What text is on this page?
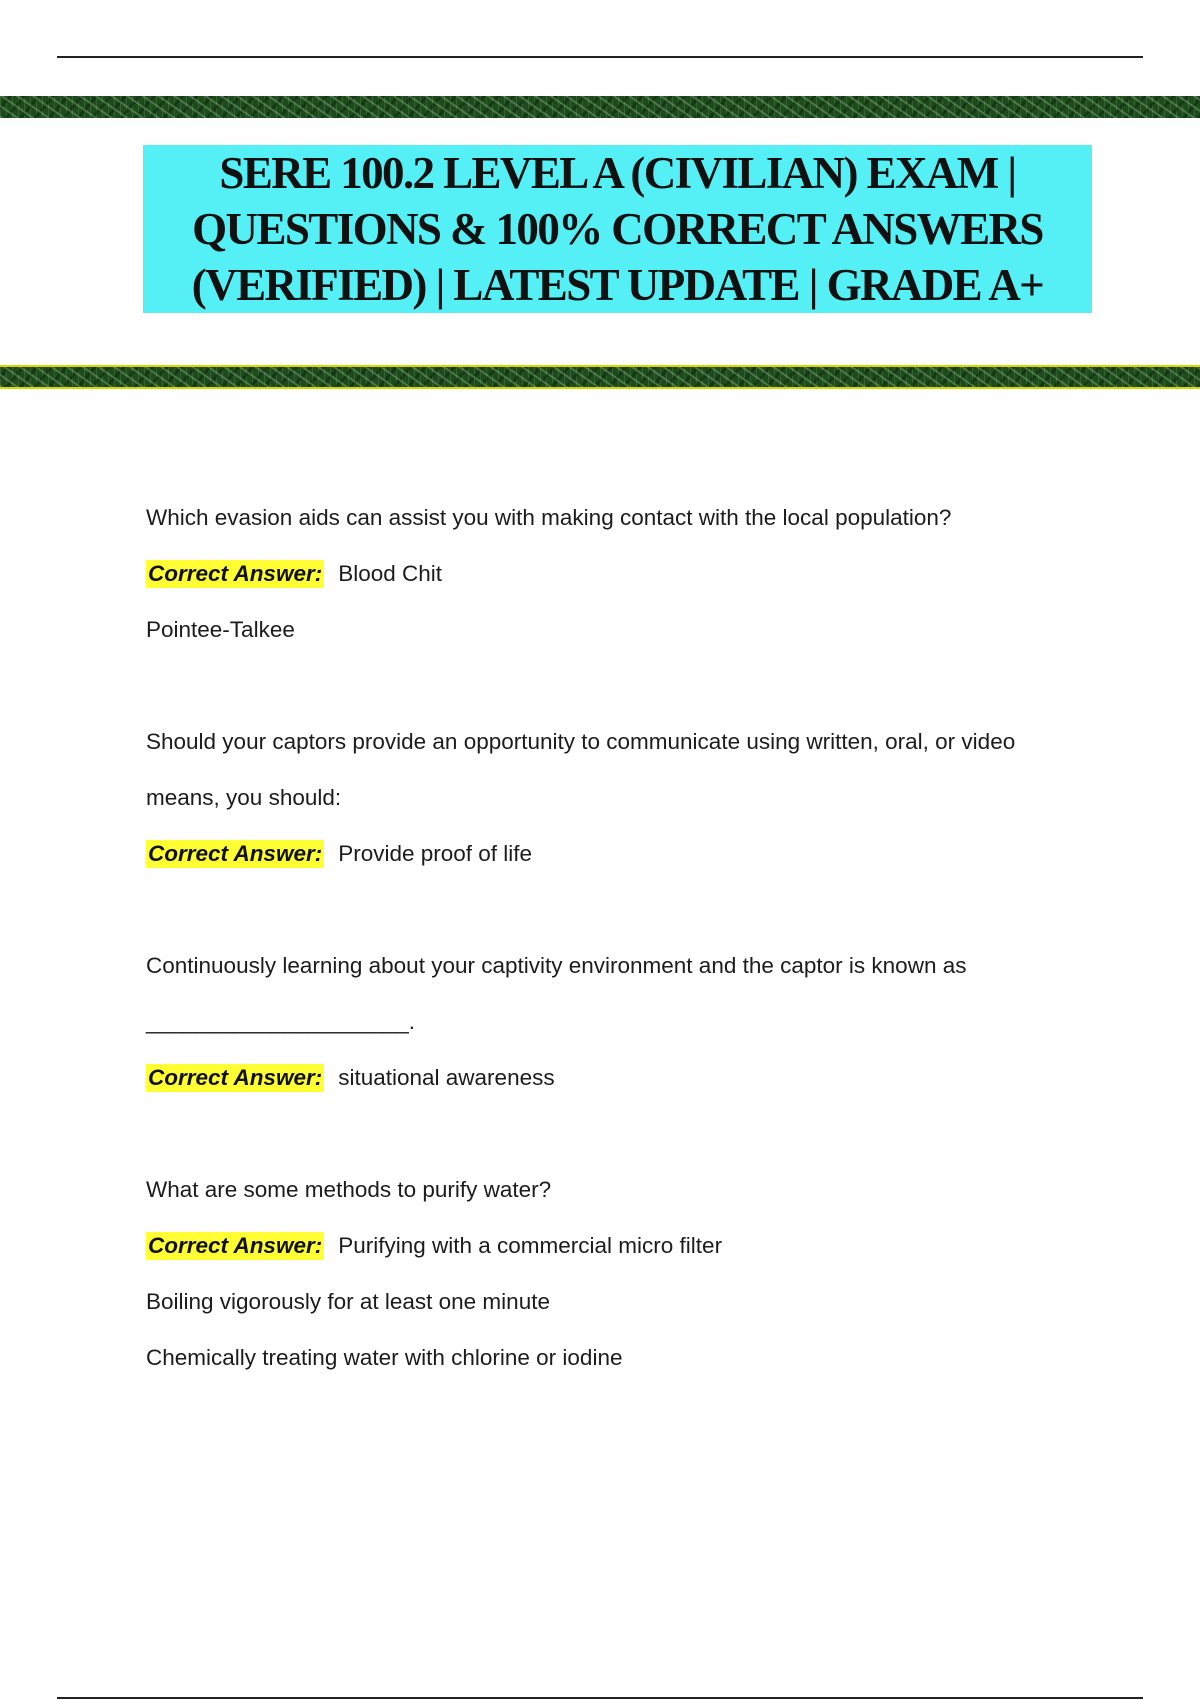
SERE 100.2 LEVEL A (CIVILIAN) EXAM | QUESTIONS & 100% CORRECT ANSWERS (VERIFIED) | LATEST UPDATE | GRADE A+
Which evasion aids can assist you with making contact with the local population?
Correct Answer: Blood Chit
Pointee-Talkee
Should your captors provide an opportunity to communicate using written, oral, or video
means, you should:
Correct Answer: Provide proof of life
Continuously learning about your captivity environment and the captor is known as
_____________________.
Correct Answer: situational awareness
What are some methods to purify water?
Correct Answer: Purifying with a commercial micro filter
Boiling vigorously for at least one minute
Chemically treating water with chlorine or iodine
